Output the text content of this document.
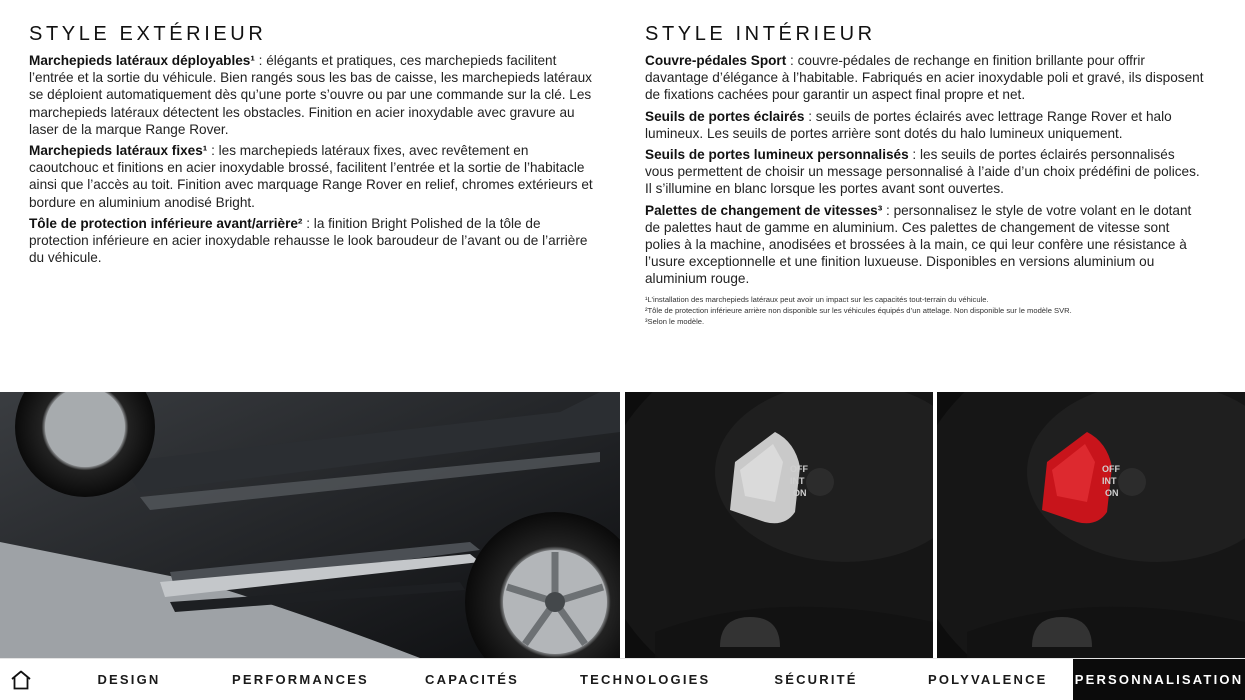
STYLE EXTÉRIEUR

Marchepieds latéraux déployables¹ : élégants et pratiques, ces marchepieds facilitent l’entrée et la sortie du véhicule. Bien rangés sous les bas de caisse, les marchepieds latéraux se déploient automatiquement dès qu’une porte s’ouvre ou par une commande sur la clé. Les marchepieds latéraux détectent les obstacles. Finition en acier inoxydable avec gravure au laser de la marque Range Rover.

Marchepieds latéraux fixes¹ : les marchepieds latéraux fixes, avec revêtement en caoutchouc et finitions en acier inoxydable brossé, facilitent l’entrée et la sortie de l’habitacle ainsi que l’accès au toit. Finition avec marquage Range Rover en relief, chromes extérieurs et bordure en aluminium anodisé Bright.

Tôle de protection inférieure avant/arrière² : la finition Bright Polished de la tôle de protection inférieure en acier inoxydable rehausse le look baroudeur de l’avant ou de l’arrière du véhicule.

STYLE INTÉRIEUR

Couvre-pédales Sport : couvre-pédales de rechange en finition brillante pour offrir davantage d’élégance à l’habitable. Fabriqués en acier inoxydable poli et gravé, ils disposent de fixations cachées pour garantir un aspect final propre et net.

Seuils de portes éclairés : seuils de portes éclairés avec lettrage Range Rover et halo lumineux. Les seuils de portes arrière sont dotés du halo lumineux uniquement.

Seuils de portes lumineux personnalisés : les seuils de portes éclairés personnalisés vous permettent de choisir un message personnalisé à l’aide d’un choix prédéfini de polices. Il s’illumine en blanc lorsque les portes avant sont ouvertes.

Palettes de changement de vitesses³ : personnalisez le style de votre volant en le dotant de palettes haut de gamme en aluminium. Ces palettes de changement de vitesse sont polies à la machine, anodisées et brossées à la main, ce qui leur confère une résistance à l’usure exceptionnelle et une finition luxueuse. Disponibles en versions aluminium ou aluminium rouge.

¹L’installation des marchepieds latéraux peut avoir un impact sur les capacités tout-terrain du véhicule.
²Tôle de protection inférieure arrière non disponible sur les véhicules équipés d’un attelage. Non disponible sur le modèle SVR.
³Selon le modèle.
OFF
INT
ON
OFF
INT
ON
DESIGN	PERFORMANCES	CAPACITÉS	TECHNOLOGIES	SÉCURITÉ	POLYVALENCE PERSONNALISATION
